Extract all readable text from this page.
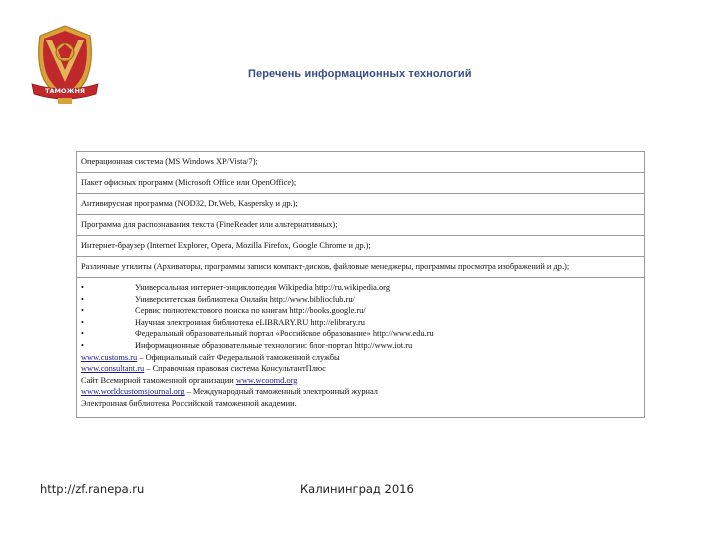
ТАМОЖНЯ
Перечень информационных технологий
Операционная система (MS Windows XP/Vista/7);
Пакет офисных программ (Microsoft Office или OpenOffice);
Антивирусная программа (NOD32, Dr.Web, Kaspersky и др.);
Программа для распознавания текста (FineReader или альтернативных);
Интернет-браузер (Internet Explorer, Opera, Mozilla Firefox, Google Chrome и др.);
Различные утилиты (Архиваторы, программы записи компакт-дисков, файловые менеджеры, программы просмотра изображений и др.);

•	Универсальная интернет-энциклопедия Wikipedia http://ru.wikipedia.org
•	Университетская библиотека Онлайн http://www.biblioclub.ru/
•	Сервис полнотекстового поиска по книгам http://books.google.ru/
•	Научная электронная библиотека eLIBRARY.RU http://elibrary.ru
•	Федеральный образовательный портал «Российское образование» http://www.edu.ru
•	Информационные образовательные технологии: блог-портал http://www.iot.ru
www.customs.ru – Официальный сайт Федеральной таможенной службы
www.consultant.ru – Справочная правовая система КонсультантПлюс
Сайт Всемирной таможенной организации www.wcoomd.org
www.worldcustomsjournal.org – Международный таможенный электронный журнал
Электронная библиотека Российской таможенной академии.
http://zf.ranepa.ru	Калининград 2016
